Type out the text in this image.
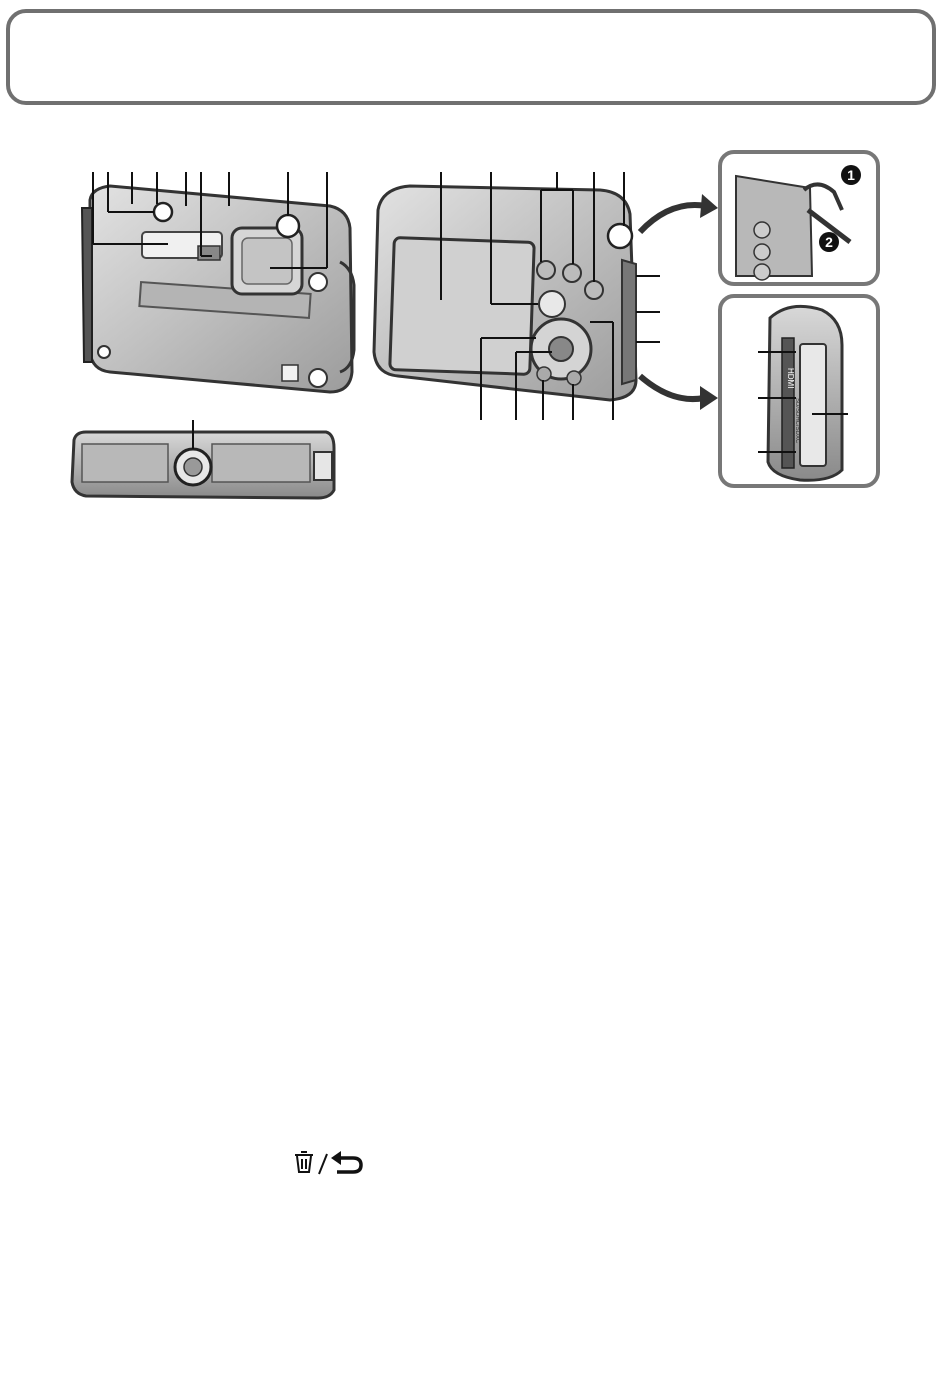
1
2
HDMI
SD/SDHC/SDXC
